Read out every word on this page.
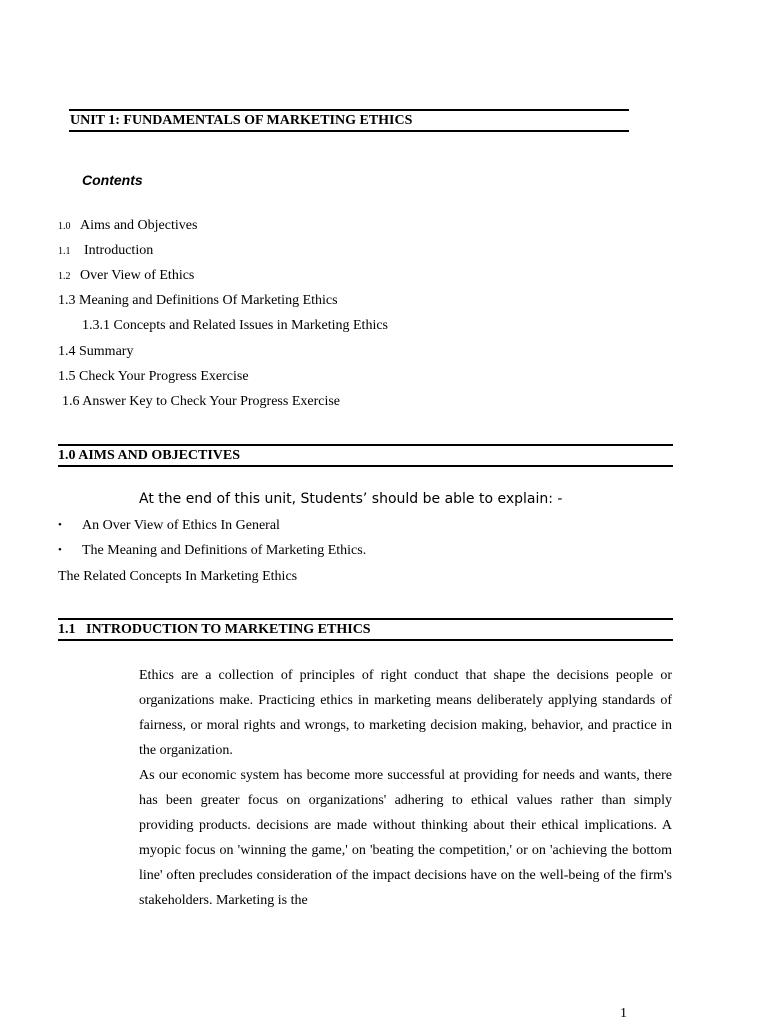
UNIT 1: FUNDAMENTALS OF MARKETING ETHICS
Contents
1.0 Aims and Objectives
1.1 Introduction
1.2 Over View of Ethics
1.3 Meaning and Definitions Of Marketing Ethics
1.3.1 Concepts and Related Issues in Marketing Ethics
1.4 Summary
1.5 Check Your Progress Exercise
1.6 Answer Key to Check Your Progress Exercise
1.0 AIMS AND OBJECTIVES
At the end of this unit, Students’ should be able to explain: -
• An Over View of Ethics In General
• The Meaning and Definitions of Marketing Ethics.
The Related Concepts In Marketing Ethics
1.1   INTRODUCTION TO MARKETING ETHICS
Ethics are a collection of principles of right conduct that shape the decisions people or organizations make. Practicing ethics in marketing means deliberately applying standards of fairness, or moral rights and wrongs, to marketing decision making, behavior, and practice in the organization.
As our economic system has become more successful at providing for needs and wants, there has been greater focus on organizations' adhering to ethical values rather than simply providing products. decisions are made without thinking about their ethical implications. A myopic focus on 'winning the game,' on 'beating the competition,' or on 'achieving the bottom line' often precludes consideration of the impact decisions have on the well-being of the firm's stakeholders. Marketing is the
1
